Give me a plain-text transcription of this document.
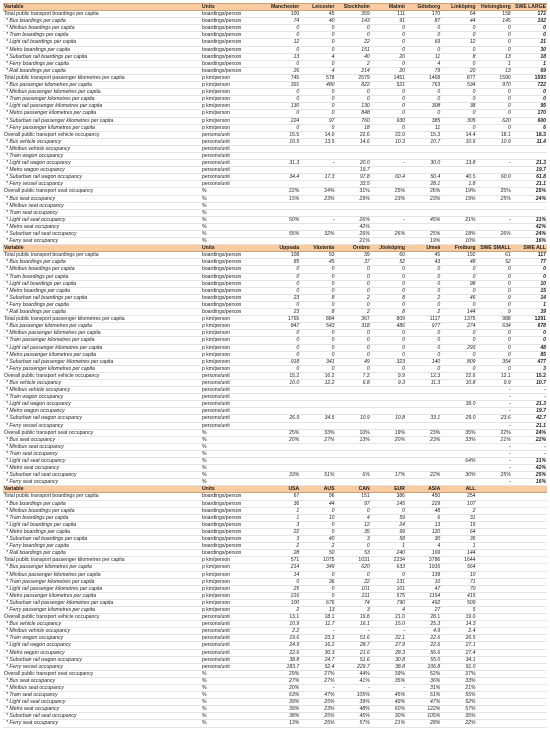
Variable	Units	Manchester	Leicester	Stockholm	Malmö	Göteborg	Linköping	Helsingborg	SWE LARGE
Total public transport boardings per capita	boardings/person	100	45	359	111	170	64	158	172
* Bus boardings per capita	boardings/person	74	40	143	91	87	44	145	102
* Minibus boardings per capita	boardings/person	0	0	0	0	0	0	0	0
* Tram boardings per capita	boardings/person	0	0	0	0	0	0	0	0
* Light rail boardings per capita	boardings/person	12	0	22	0	69	12	0	21
* Metro boardings per capita	boardings/person	0	0	151	0	0	0	0	30
* Suburban rail boardings per capita	boardings/person	13	4	40	20	11	8	13	18
* Ferry boardings per capita	boardings/person	0	0	2	0	4	0	1	1
* Rail boardings per capita	boardings/person	26	4	214	20	79	20	13	69
Total public transport passenger kilometres per capita	p km/person	745	578	2579	1451	1468	877	1590	1593
* Bus passenger kilometres per capita	p km/person	391	480	822	521	763	534	970	722
* Minibus passenger kilometres per capita	p km/person	0	0	0	0	0	0	0	0
* Tram passenger kilometres per capita	p km/person	0	0	0	0	0	0	0	0
* Light rail passenger kilometres per capita	p km/person	130	0	130	0	308	38	0	95
* Metro passenger kilometres per capita	p km/person	0	0	848	0	0	0	0	170
* Suburban rail passenger kilometres per capita	p km/person	224	97	760	930	385	305	620	600
* Ferry passenger kilometres per capita	p km/person	0	0	18	0	11	0	0	6
Overall public transport vehicle occupancy	persons/unit	15.5	14.0	22.6	22.0	15.3	14.4	18.1	18.3
* Bus vehicle occupancy	persons/unit	10.5	13.5	14.6	10.3	10.7	10.6	10.9	11.4
* Minibus vehicle occupancy	persons/unit								
* Tram wagon occupancy	persons/unit								
* Light rail wagon occupancy	persons/unit	31.3	-	20.0	-	30.0	13.8	-	21.3
* Metro wagon occupancy	persons/unit			19.7					19.7
* Suburban rail wagon occupancy	persons/unit	34.4	17.3	97.8	60.4	50.4	40.5	60.0	61.8
* Ferry vessel occupancy	persons/unit			33.5		28.1	1.8		21.1
Overall public transport seat occupancy	%	22%	24%	31%	25%	26%	19%	25%	25%
* Bus seat occupancy	%	15%	23%	29%	23%	23%	19%	25%	24%
* Minibus seat occupancy	%								
* Tram seat occupancy	%								
* Light rail seat occupancy	%	50%	-	26%	-	45%	21%	-	31%
* Metro seat occupancy	%			42%					42%
* Suburban rail seat occupancy	%	55%	32%	26%	26%	25%	18%	26%	24%
* Ferry seat occupancy	%			21%		19%	10%		16%
Variable	Units	Uppsala	Västerås	Örebro	Jönköping	Umeå	Freiburg	SWE SMALL	SWE ALL
Total public transport boardings per capita	boardings/person	108	53	39	60	45	192	61	117
* Bus boardings per capita	boardings/person	85	45	37	52	43	48	52	77
* Minibus boardings per capita	boardings/person	0	0	0	0	0	0	0	0
* Tram boardings per capita	boardings/person	0	0	0	0	0	0	0	0
* Light rail boardings per capita	boardings/person	0	0	0	0	0	98	0	10
* Metro boardings per capita	boardings/person	0	0	0	0	0	0	0	15
* Suburban rail boardings per capita	boardings/person	23	8	2	8	2	46	9	14
* Ferry boardings per capita	boardings/person	0	0	0	0	0	0	0	1
* Rail boardings per capita	boardings/person	23	8	2	8	2	144	9	39
Total public transport passenger kilometres per capita	p km/person	1765	884	367	809	1117	1375	988	1291
* Bus passenger kilometres per capita	p km/person	847	543	318	486	977	274	634	678
* Minibus passenger kilometres per capita	p km/person	0	0	0	0	0	0	0	0
* Tram passenger kilometres per capita	p km/person	0	0	0	0	0	0	0	0
* Light rail passenger kilometres per capita	p km/person	0	0	0	0	0	293	0	48
* Metro passenger kilometres per capita	p km/person	0	0	0	0	0	0	0	85
* Suburban rail passenger kilometres per capita	p km/person	918	341	49	323	140	809	354	477
* Ferry passenger kilometres per capita	p km/person	0	0	0	0	0	0	0	3
Overall public transport vehicle occupancy	persons/unit	15.2	16.2	7.2	9.9	12.3	22.6	12.1	15.2
* Bus vehicle occupancy	persons/unit	10.0	12.2	6.8	9.3	11.3	10.8	9.9	10.7
* Minibus vehicle occupancy	persons/unit							-	-
* Tram wagon occupancy	persons/unit							-	-
* Light rail wagon occupancy	persons/unit						39.0	-	21.3
* Metro wagon occupancy	persons/unit							-	19.7
* Suburban rail wagon occupancy	persons/unit	26.9	34.5	10.9	10.8	33.1	29.0	23.6	42.7
* Ferry vessel occupancy	persons/unit							-	21.1
Overall public transport seat occupancy	%	25%	33%	10%	19%	23%	35%	22%	24%
* Bus seat occupancy	%	20%	27%	13%	20%	23%	33%	21%	22%
* Minibus seat occupancy	%							-	-
* Tram seat occupancy	%							-	-
* Light rail seat occupancy	%						64%	-	31%
* Metro seat occupancy	%							-	42%
* Suburban rail seat occupancy	%	33%	51%	6%	17%	22%	30%	25%	25%
* Ferry seat occupancy	%							-	16%
Variable	Units	USA	AUS	CAN	EUR	ASIA	ALL		
Total public transport boardings per capita	boardings/person	67	96	151	386	450	254		
* Bus boardings per capita	boardings/person	36	44	97	145	229	107		
* Minibus boardings per capita	boardings/person	1	0	0	0	48	2		
* Tram boardings per capita	boardings/person	1	10	4	59	6	31		
* Light rail boardings per capita	boardings/person	3	0	12	24	13	15		
* Metro boardings per capita	boardings/person	22	0	35	99	120	64		
* Suburban rail boardings per capita	boardings/person	3	40	3	58	30	35		
* Ferry boardings per capita	boardings/person	2	2	0	1	4	1		
* Rail boardings per capita	boardings/person	28	50	53	240	169	144		
Total public transport passenger kilometres per capita	p km/person	571	1075	1031	2234	3786	1644		
* Bus passenger kilometres per capita	p km/person	214	349	620	633	1916	564		
* Minibus passenger kilometres per capita	p km/person	14	0	0	0	139	10		
* Tram passenger kilometres per capita	p km/person	0	36	22	131	10	71		
* Light rail passenger kilometres per capita	p km/person	25	0	101	101	47	70		
* Metro passenger kilometres per capita	p km/person	216	0	211	575	1154	415		
* Suburban rail passenger kilometres per capita	p km/person	100	676	74	790	492	509		
* Ferry passenger kilometres per capita	p km/person	2	13	3	4	27	5		
Overall public transport vehicle occupancy	persons/unit	13.1	18.1	19.8	21.0	28.1	19.0		
* Bus vehicle occupancy	persons/unit	10.9	11.7	16.1	15.0	25.3	14.3		
* Minibus vehicle occupancy	persons/unit	2.2	-	-	-	4.9	2.4		
* Tram wagon occupancy	persons/unit	19.6	23.3	51.6	22.1	22.6	26.5		
* Light rail wagon occupancy	persons/unit	24.9	16.2	28.7	27.9	22.6	27.1		
* Metro wagon occupancy	persons/unit	22.6	30.3	21.6	28.3	56.6	27.4		
* Suburban rail wagon occupancy	persons/unit	38.8	24.7	51.6	30.8	55.0	34.1		
* Ferry vessel occupancy	persons/unit	183.7	52.4	229.7	38.8	106.8	91.0		
Overall public transport seat occupancy	%	29%	27%	44%	39%	52%	37%		
* Bus seat occupancy	%	27%	27%	41%	35%	36%	33%		
* Minibus seat occupancy	%	20%	-	-	-	31%	21%		
* Tram seat occupancy	%	63%	47%	105%	45%	51%	55%		
* Light rail seat occupancy	%	39%	25%	39%	49%	47%	52%		
* Metro seat occupancy	%	39%	23%	48%	60%	122%	57%		
* Suburban rail seat occupancy	%	38%	25%	45%	30%	105%	35%		
* Ferry seat occupancy	%	13%	25%	57%	21%	28%	22%		
